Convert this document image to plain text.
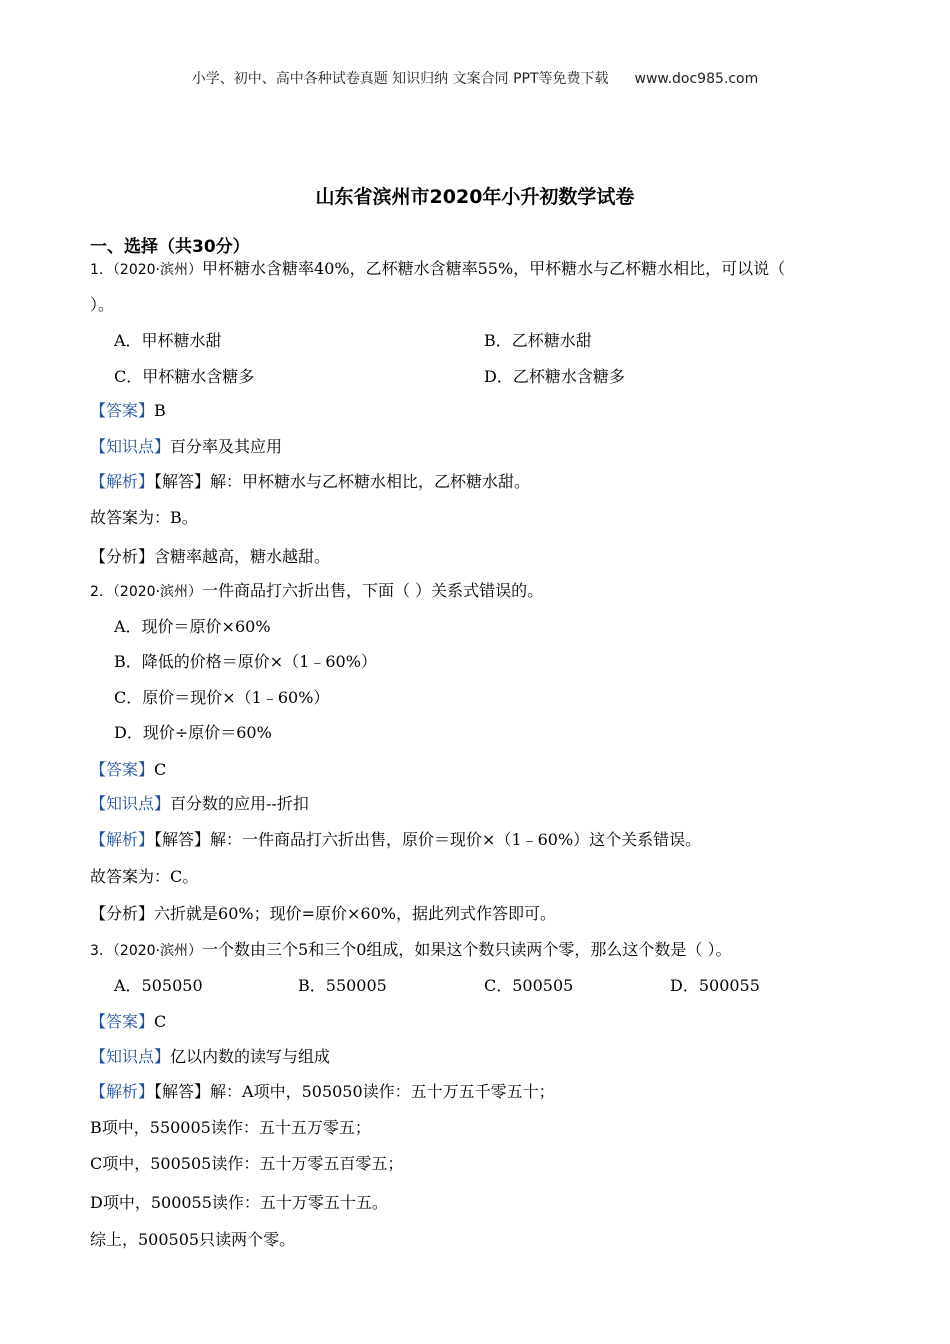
小学、初中、高中各种试卷真题 知识归纳 文案合同 PPT等免费下载 www.doc985.com
山东省滨州市2020年小升初数学试卷
一、选择（共30分）
1．（2020·滨州）甲杯糖水含糖率40%，乙杯糖水含糖率55%，甲杯糖水与乙杯糖水相比，可以说（
）。
A．甲杯糖水甜	B．乙杯糖水甜
C．甲杯糖水含糖多	D．乙杯糖水含糖多
【答案】B
【知识点】百分率及其应用
【解析】【解答】解：甲杯糖水与乙杯糖水相比，乙杯糖水甜。
故答案为：B。
【分析】含糖率越高，糖水越甜。
2．（2020·滨州）一件商品打六折出售，下面（ ）关系式错误的。
A．现价＝原价×60%
B．降低的价格＝原价×（1﹣60%）
C．原价＝现价×（1﹣60%）
D．现价÷原价＝60%
【答案】C
【知识点】百分数的应用--折扣
【解析】【解答】解：一件商品打六折出售，原价＝现价×（1﹣60%）这个关系错误。
故答案为：C。
【分析】六折就是60%；现价=原价×60%，据此列式作答即可。
3．（2020·滨州）一个数由三个5和三个0组成，如果这个数只读两个零，那么这个数是（ ）。
A．505050	B．550005	C．500505	D．500055
【答案】C
【知识点】亿以内数的读写与组成
【解析】【解答】解：A项中，505050读作：五十万五千零五十；
B项中，550005读作：五十五万零五；
C项中，500505读作：五十万零五百零五；
D项中，500055读作：五十万零五十五。
综上，500505只读两个零。
